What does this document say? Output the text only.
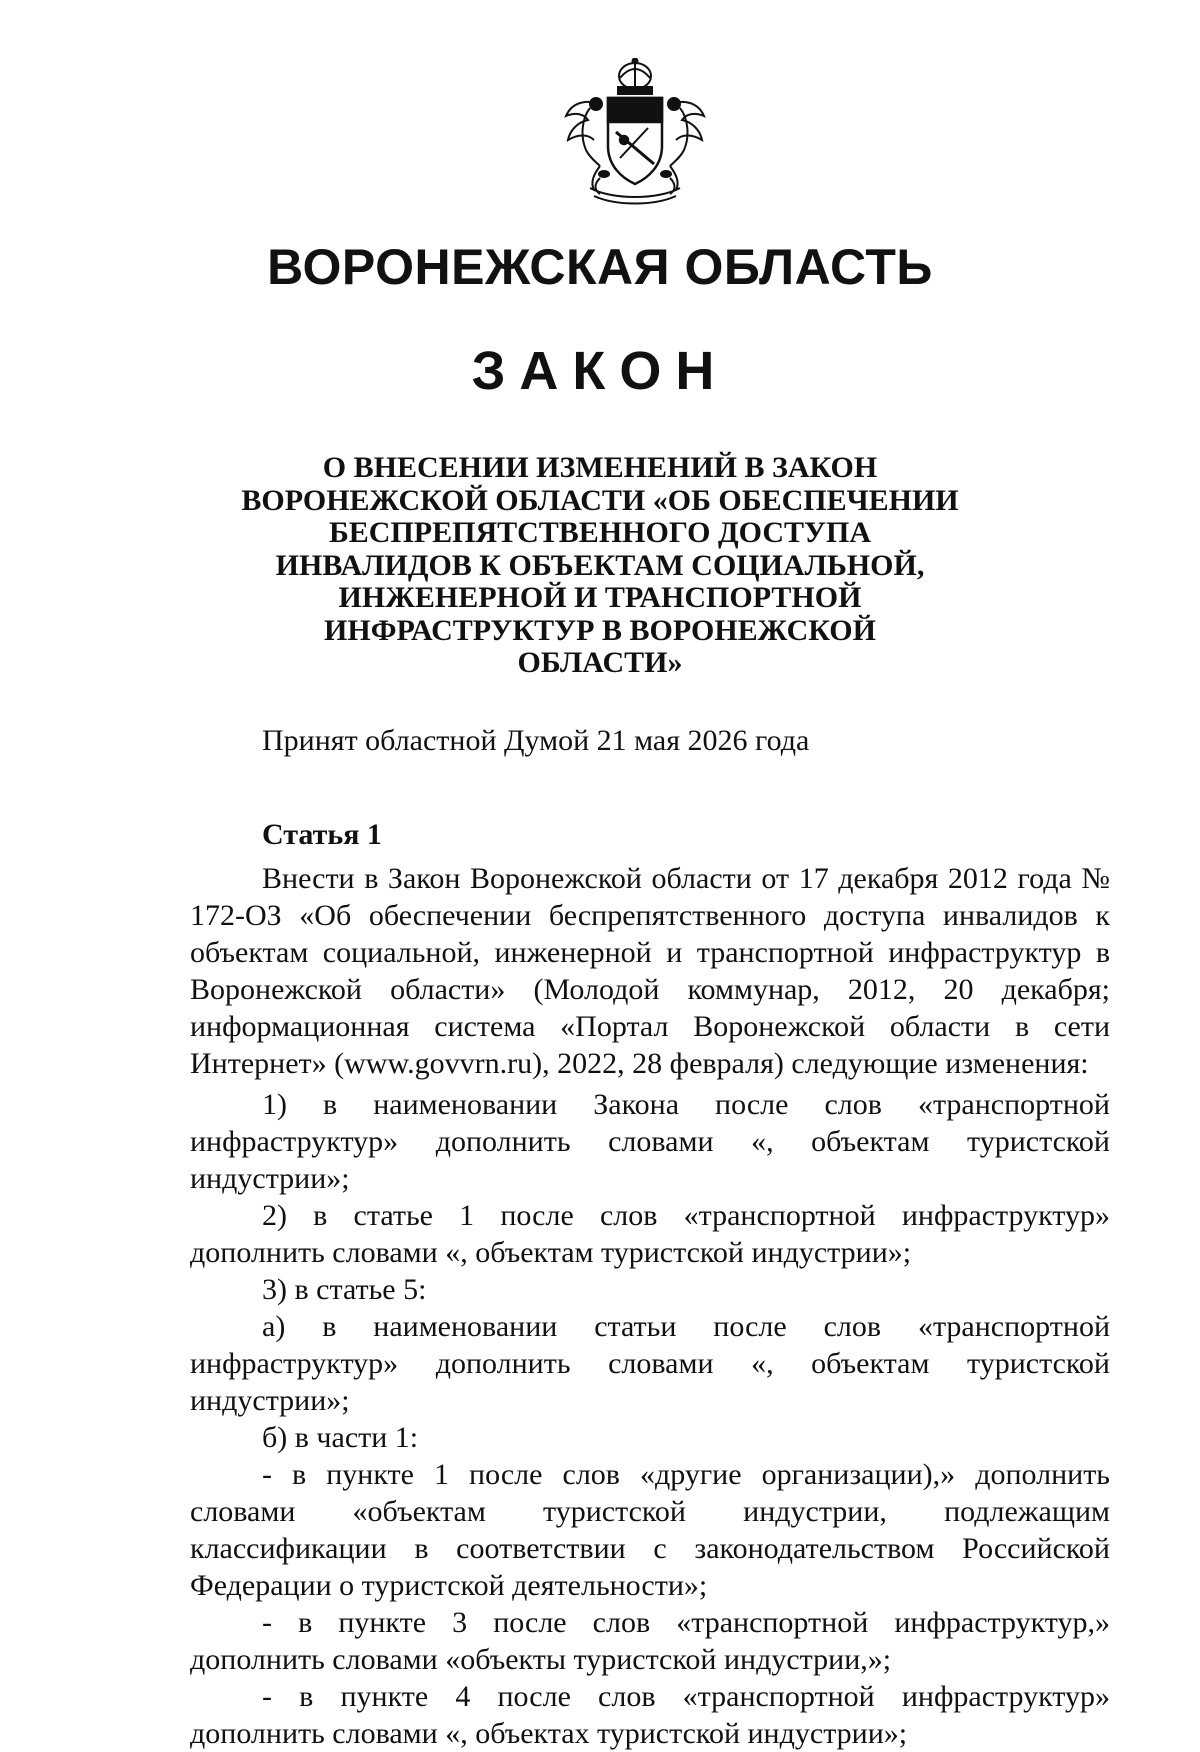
ВОРОНЕЖСКАЯ ОБЛАСТЬ
ЗАКОН
О ВНЕСЕНИИ ИЗМЕНЕНИЙ В ЗАКОН
ВОРОНЕЖСКОЙ ОБЛАСТИ «ОБ ОБЕСПЕЧЕНИИ
БЕСПРЕПЯТСТВЕННОГО ДОСТУПА
ИНВАЛИДОВ К ОБЪЕКТАМ СОЦИАЛЬНОЙ,
ИНЖЕНЕРНОЙ И ТРАНСПОРТНОЙ
ИНФРАСТРУКТУР В ВОРОНЕЖСКОЙ
ОБЛАСТИ»
Принят областной Думой 21 мая 2026 года
Статья 1

Внести в Закон Воронежской области от 17 декабря 2012 года № 172-ОЗ «Об обеспечении беспрепятственного доступа инвалидов к объектам социальной, инженерной и транспортной инфраструктур в Воронежской области» (Молодой коммунар, 2012, 20 декабря; информационная система «Портал Воронежской области в сети Интернет» (www.govvrn.ru), 2022, 28 февраля) следующие изменения:

1) в наименовании Закона после слов «транспортной инфраструктур» дополнить словами «, объектам туристской индустрии»;

2) в статье 1 после слов «транспортной инфраструктур» дополнить словами «, объектам туристской индустрии»;

3) в статье 5:

а) в наименовании статьи после слов «транспортной инфраструктур» дополнить словами «, объектам туристской индустрии»;

б) в части 1:

- в пункте 1 после слов «другие организации),» дополнить словами «объектам туристской индустрии, подлежащим классификации в соответствии с законодательством Российской Федерации о туристской деятельности»;

- в пункте 3 после слов «транспортной инфраструктур,» дополнить словами «объекты туристской индустрии,»;

- в пункте 4 после слов «транспортной инфраструктур» дополнить словами «, объектах туристской индустрии»;
